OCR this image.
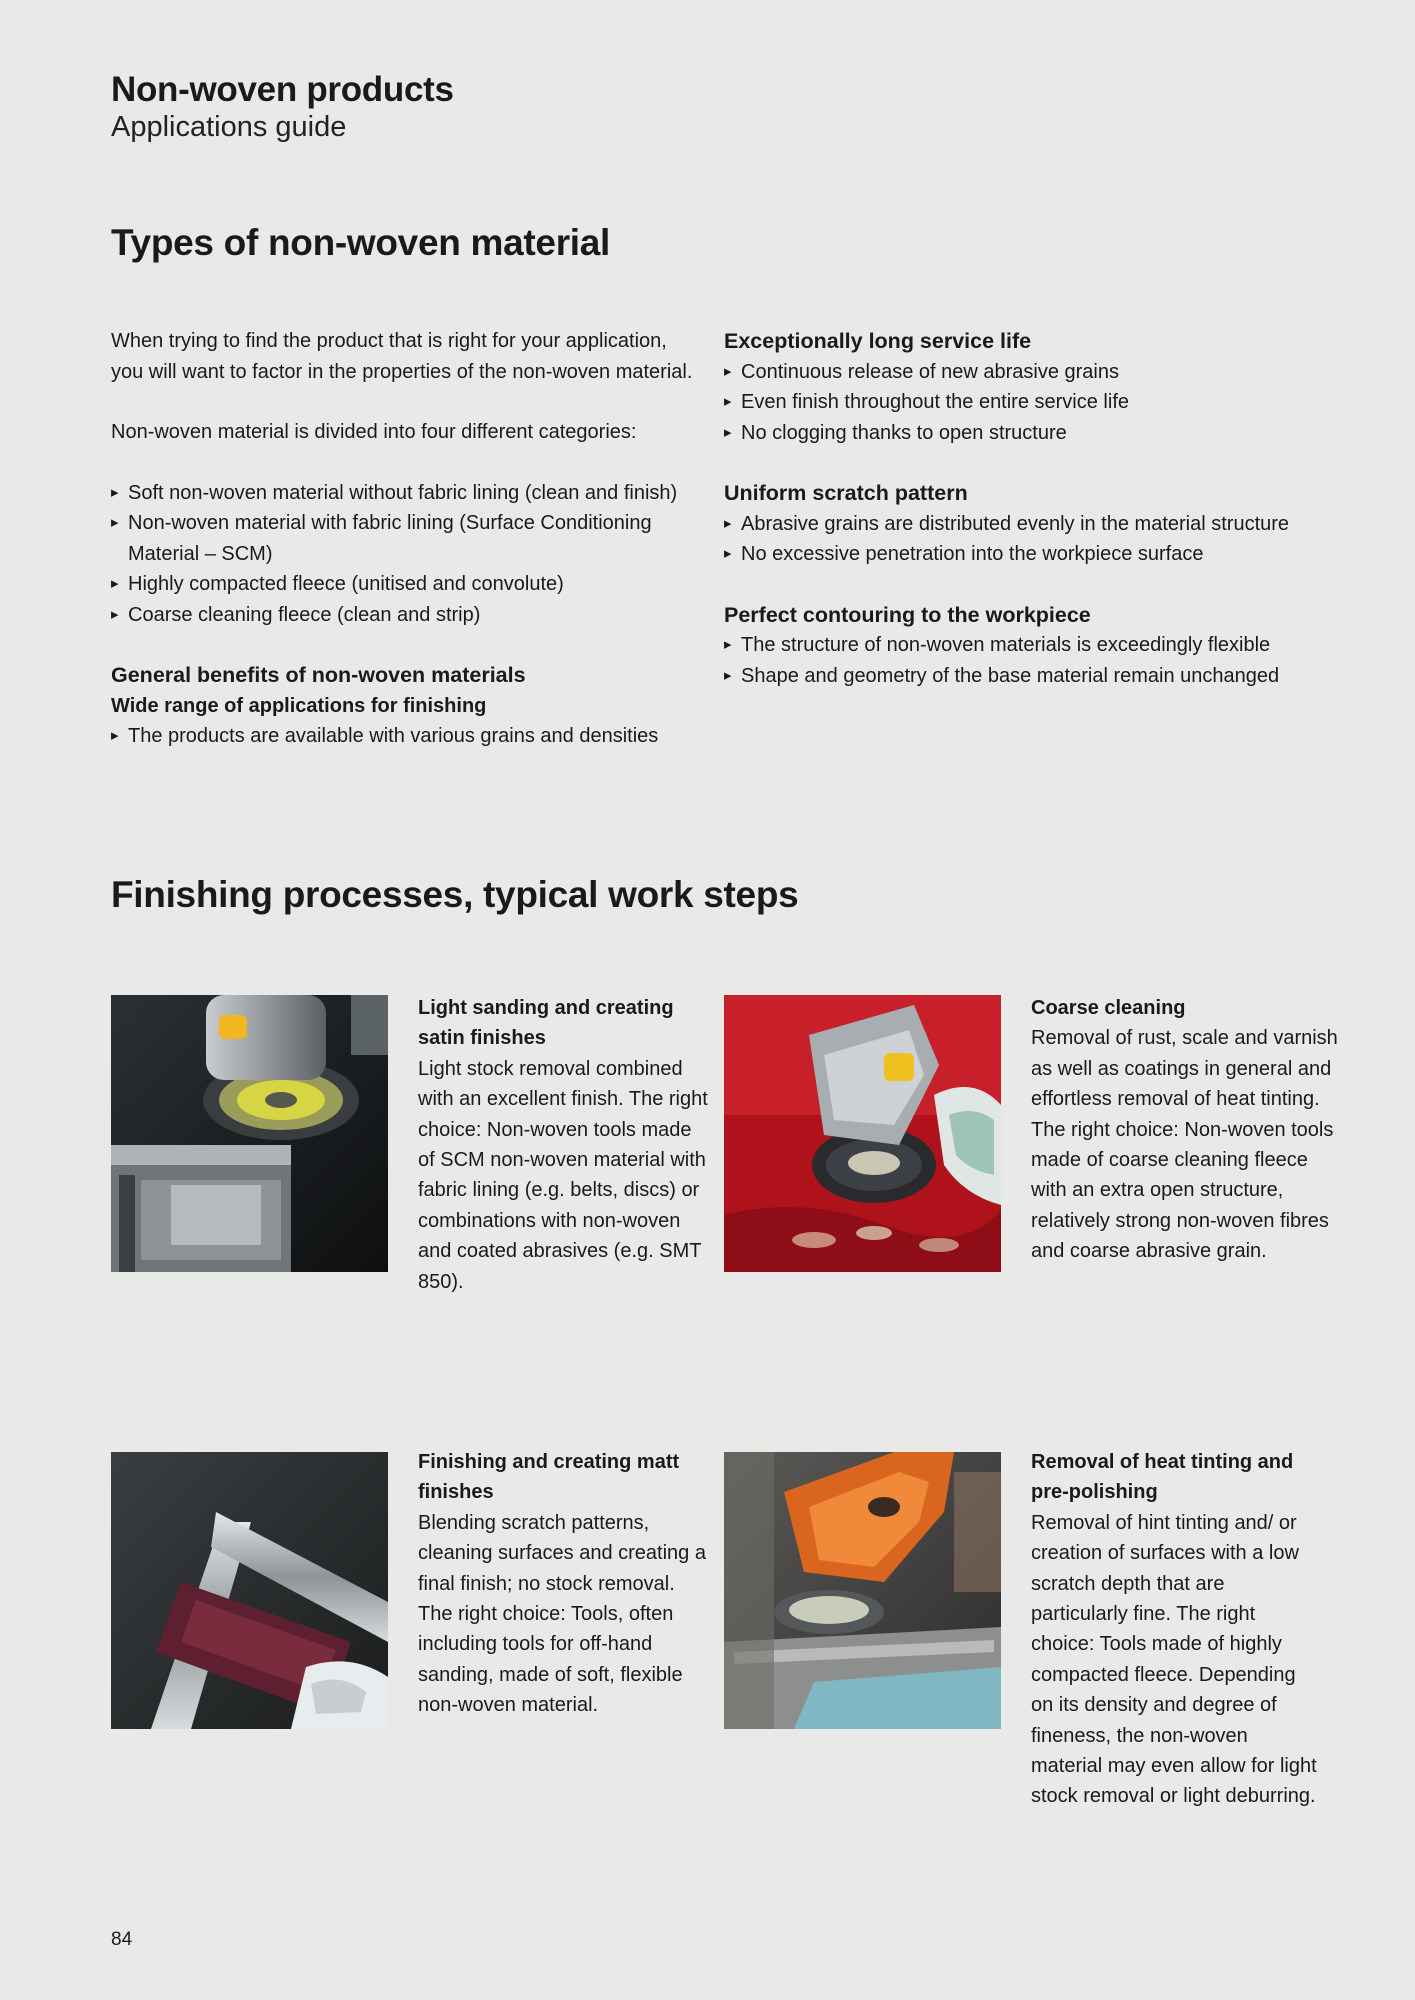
Non-woven products
Applications guide
Types of non-woven material

When trying to find the product that is right for your application, you will want to factor in the properties of the non-woven material.

Non-woven material is divided into four different categories:

▸ Soft non-woven material without fabric lining (clean and finish)
▸ Non-woven material with fabric lining (Surface Conditioning Material – SCM)
▸ Highly compacted fleece (unitised and convolute)
▸ Coarse cleaning fleece (clean and strip)

General benefits of non-woven materials

Wide range of applications for finishing

▸ The products are available with various grains and densities

Exceptionally long service life

▸ Continuous release of new abrasive grains
▸ Even finish throughout the entire service life
▸ No clogging thanks to open structure

Uniform scratch pattern

▸ Abrasive grains are distributed evenly in the material structure
▸ No excessive penetration into the workpiece surface

Perfect contouring to the workpiece

▸ The structure of non-woven materials is exceedingly flexible
▸ Shape and geometry of the base material remain unchanged
Finishing processes, typical work steps
Light sanding and creating satin finishes
Light stock removal combined with an excellent finish. The right choice: Non-woven tools made of SCM non-woven material with fabric lining (e.g. belts, discs) or combinations with non-woven and coated abrasives (e.g. SMT 850).
Coarse cleaning
Removal of rust, scale and varnish as well as coatings in general and effortless removal of heat tinting. The right choice: Non-woven tools made of coarse cleaning fleece with an extra open structure, relatively strong non-woven fibres and coarse abrasive grain.
Finishing and creating matt finishes
Blending scratch patterns, cleaning surfaces and creating a final finish; no stock removal. The right choice: Tools, often including tools for off-hand sanding, made of soft, flexible non-woven material.
Removal of heat tinting and pre-polishing
Removal of hint tinting and/ or creation of surfaces with a low scratch depth that are particularly fine. The right choice: Tools made of highly compacted fleece. Depending on its density and degree of fineness, the non-woven material may even allow for light stock removal or light deburring.
84
